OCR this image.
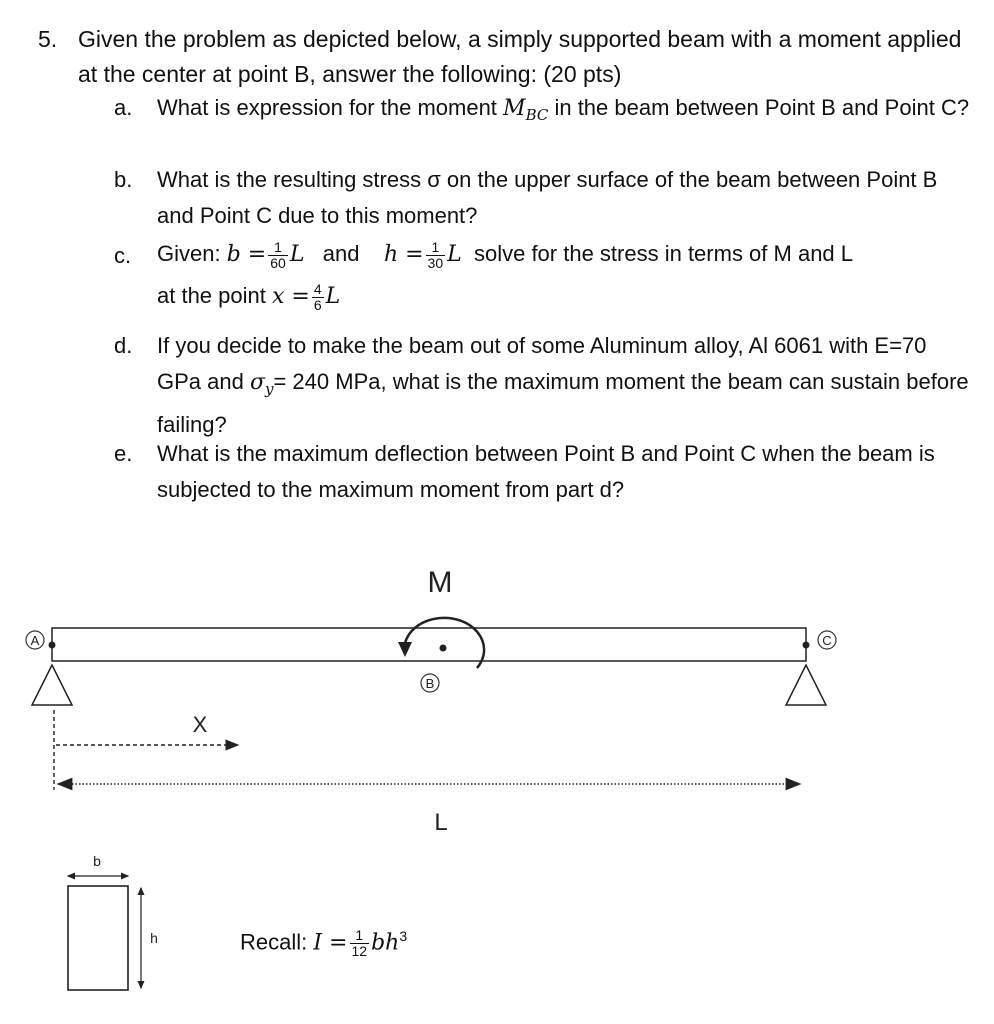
5. Given the problem as depicted below, a simply supported beam with a moment applied at the center at point B, answer the following: (20 pts)
a. What is expression for the moment $M_{BC}$ in the beam between Point B and Point C?
b. What is the resulting stress σ on the upper surface of the beam between Point B and Point C due to this moment?
c. Given: $b = \frac{1}{60}$ L and $h = \frac{1}{30}$ L solve for the stress in terms of M and L
at the point $x = \frac{4}{6}$ L
d. If you decide to make the beam out of some Aluminum alloy, Al 6061 with E=70 GPa and $\sigma_y= 240$ MPa, what is the maximum moment the beam can sustain before failing?
e. What is the maximum deflection between Point B and Point C when the beam is subjected to the maximum moment from part d?
A	C
M
B
X
L
b
h	Recall: $I = \frac{1}{12} bh^3$
